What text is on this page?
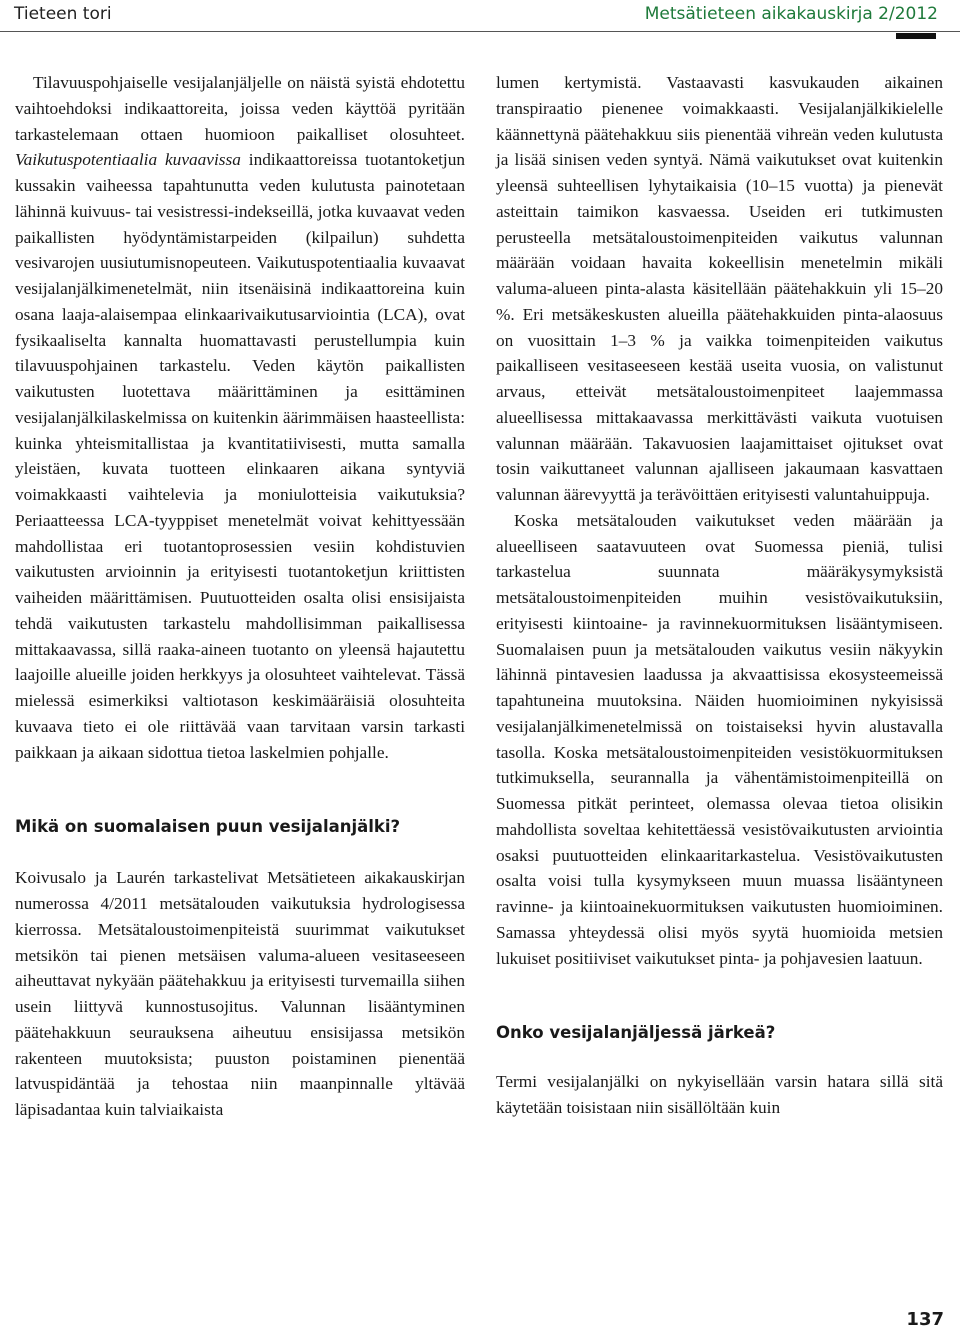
Tieteen tori	Metsätieteen aikakauskirja 2/2012

Tilavuuspohjaiselle vesijalanjäljelle on näistä syistä ehdotettu vaihtoehdoksi indikaattoreita, joissa veden käyttöä pyritään tarkastelemaan ottaen huomioon paikalliset olosuhteet. Vaikutuspotentiaalia kuvaavissa indikaattoreissa tuotantoketjun kussakin vaiheessa tapahtunutta veden kulutusta painotetaan lähinnä kuivuus- tai vesistressi-indekseillä, jotka kuvaavat veden paikallisten hyödyntämistarpeiden (kilpailun) suhdetta vesivarojen uusiutumisnopeuteen. Vaikutuspotentiaalia kuvaavat vesijalanjälkimenetelmät, niin itsenäisinä indikaattoreina kuin osana laaja-alaisempaa elinkaarivaikutusarviointia (LCA), ovat fysikaaliselta kannalta huomattavasti perustellumpia kuin tilavuuspohjainen tarkastelu. Veden käytön paikallisten vaikutusten luotettava määrittäminen ja esittäminen vesijalanjälkilaskelmissa on kuitenkin äärimmäisen haasteellista: kuinka yhteismitallistaa ja kvantitatiivisesti, mutta samalla yleistäen, kuvata tuotteen elinkaaren aikana syntyviä voimakkaasti vaihtelevia ja moniulotteisia vaikutuksia? Periaatteessa LCA-tyyppiset menetelmät voivat kehittyessään mahdollistaa eri tuotantoprosessien vesiin kohdistuvien vaikutusten arvioinnin ja erityisesti tuotantoketjun kriittisten vaiheiden määrittämisen. Puutuotteiden osalta olisi ensisijaista tehdä vaikutusten tarkastelu mahdollisimman paikallisessa mittakaavassa, sillä raaka-aineen tuotanto on yleensä hajautettu laajoille alueille joiden herkkyys ja olosuhteet vaihtelevat. Tässä mielessä esimerkiksi valtiotason keskimääräisiä olosuhteita kuvaava tieto ei ole riittävää vaan tarvitaan varsin tarkasti paikkaan ja aikaan sidottua tietoa laskelmien pohjalle.

Mikä on suomalaisen puun vesijalanjälki?

Koivusalo ja Laurén tarkastelivat Metsätieteen aikakauskirjan numerossa 4/2011 metsätalouden vaikutuksia hydrologisessa kierrossa. Metsätaloustoimenpiteistä suurimmat vaikutukset metsikön tai pienen metsäisen valuma-alueen vesitaseeseen aiheuttavat nykyään päätehakkuu ja erityisesti turvemailla siihen usein liittyvä kunnostusojitus. Valunnan lisääntyminen päätehakkuun seurauksena aiheutuu ensisijassa metsikön rakenteen muutoksista; puuston poistaminen pienentää latvuspidäntää ja tehostaa niin maanpinnalle yltävää läpisadantaa kuin talviaikaista

lumen kertymistä. Vastaavasti kasvukauden aikainen transpiraatio pienenee voimakkaasti. Vesijalanjälkikielelle käännettynä päätehakkuu siis pienentää vihreän veden kulutusta ja lisää sinisen veden syntyä. Nämä vaikutukset ovat kuitenkin yleensä suhteellisen lyhytaikaisia (10–15 vuotta) ja pienevät asteittain taimikon kasvaessa. Useiden eri tutkimusten perusteella metsätaloustoimenpiteiden vaikutus valunnan määrään voidaan havaita kokeellisin menetelmin mikäli valuma-alueen pinta-alasta käsitellään päätehakkuin yli 15–20 %. Eri metsäkeskusten alueilla päätehakkuiden pinta-alaosuus on vuosittain 1–3 % ja vaikka toimenpiteiden vaikutus paikalliseen vesitaseeseen kestää useita vuosia, on valistunut arvaus, etteivät metsätaloustoimenpiteet laajemmassa alueellisessa mittakaavassa merkittävästi vaikuta vuotuisen valunnan määrään. Takavuosien laajamittaiset ojitukset ovat tosin vaikuttaneet valunnan ajalliseen jakaumaan kasvattaen valunnan äärevyyttä ja terävöittäen erityisesti valuntahuippuja.

Koska metsätalouden vaikutukset veden määrään ja alueelliseen saatavuuteen ovat Suomessa pieniä, tulisi tarkastelua suunnata määräkysymyksistä metsätaloustoimenpiteiden muihin vesistövaikutuksiin, erityisesti kiintoaine- ja ravinnekuormituksen lisääntymiseen. Suomalaisen puun ja metsätalouden vaikutus vesiin näkyykin lähinnä pintavesien laadussa ja akvaattisissa ekosysteemeissä tapahtuneina muutoksina. Näiden huomioiminen nykyisissä vesijalanjälkimenetelmissä on toistaiseksi hyvin alustavalla tasolla. Koska metsätaloustoimenpiteiden vesistökuormituksen tutkimuksella, seurannalla ja vähentämistoimenpiteillä on Suomessa pitkät perinteet, olemassa olevaa tietoa olisikin mahdollista soveltaa kehitettäessä vesistövaikutusten arviointia osaksi puutuotteiden elinkaaritarkastelua. Vesistövaikutusten osalta voisi tulla kysymykseen muun muassa lisääntyneen ravinne- ja kiintoainekuormituksen vaikutusten huomioiminen. Samassa yhteydessä olisi myös syytä huomioida metsien lukuiset positiiviset vaikutukset pinta- ja pohjavesien laatuun.

Onko vesijalanjäljessä järkeä?

Termi vesijalanjälki on nykyisellään varsin hatara sillä sitä käytetään toisistaan niin sisällöltään kuin

137
